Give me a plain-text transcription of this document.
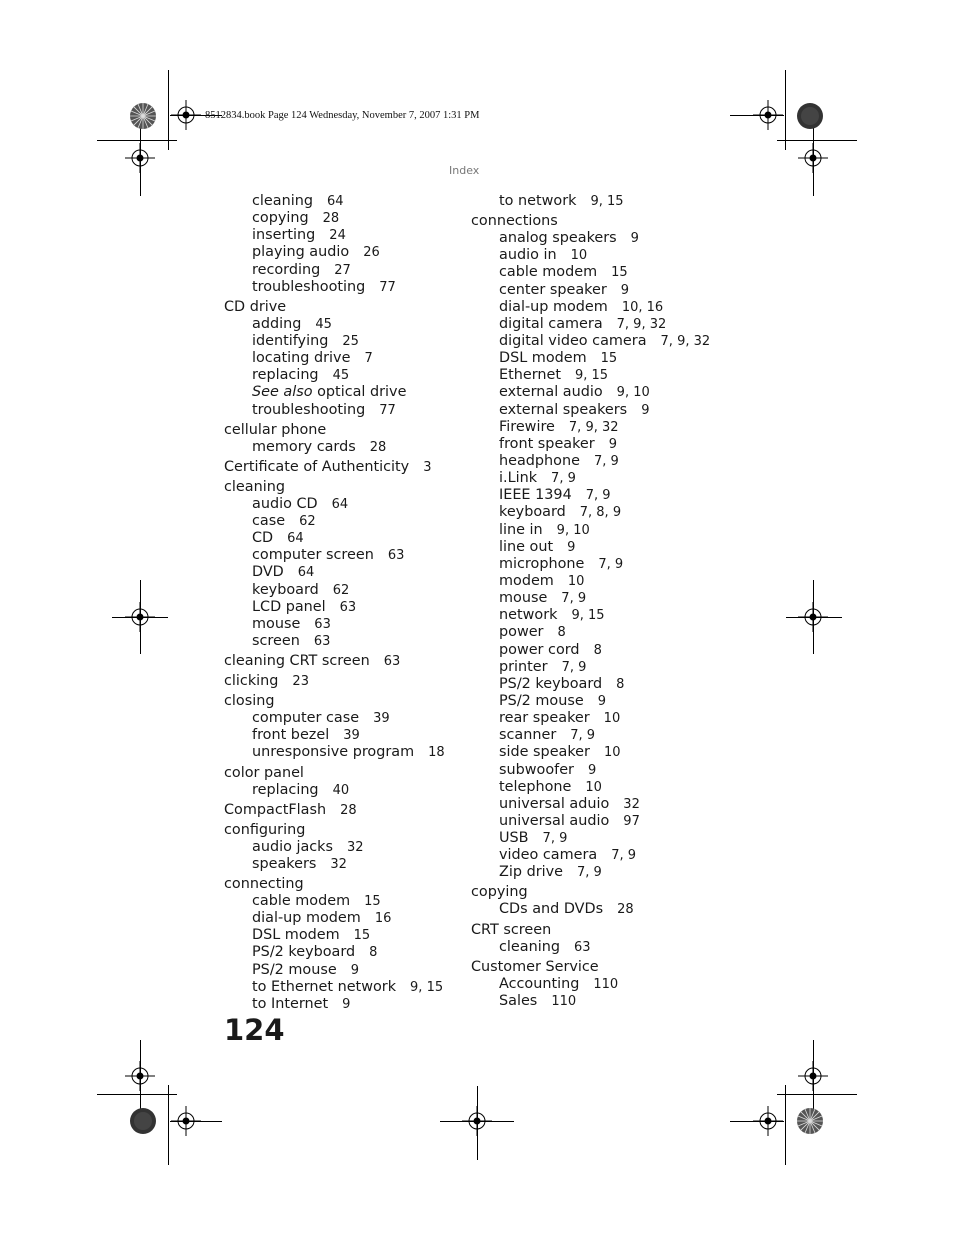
8512834.book Page 124 Wednesday, November 7, 2007 1:31 PM
Index
cleaning 64
copying 28
inserting 24
playing audio 26
recording 27
troubleshooting 77
CD drive
adding 45
identifying 25
locating drive 7
replacing 45
See also optical drive
troubleshooting 77
cellular phone
memory cards 28
Certificate of Authenticity 3
cleaning
audio CD 64
case 62
CD 64
computer screen 63
DVD 64
keyboard 62
LCD panel 63
mouse 63
screen 63
cleaning CRT screen 63
clicking 23
closing
computer case 39
front bezel 39
unresponsive program 18
color panel
replacing 40
CompactFlash 28
configuring
audio jacks 32
speakers 32
connecting
cable modem 15
dial-up modem 16
DSL modem 15
PS/2 keyboard 8
PS/2 mouse 9
to Ethernet network 9, 15
to Internet 9
to network 9, 15
connections
analog speakers 9
audio in 10
cable modem 15
center speaker 9
dial-up modem 10, 16
digital camera 7, 9, 32
digital video camera 7, 9, 32
DSL modem 15
Ethernet 9, 15
external audio 9, 10
external speakers 9
Firewire 7, 9, 32
front speaker 9
headphone 7, 9
i.Link 7, 9
IEEE 1394 7, 9
keyboard 7, 8, 9
line in 9, 10
line out 9
microphone 7, 9
modem 10
mouse 7, 9
network 9, 15
power 8
power cord 8
printer 7, 9
PS/2 keyboard 8
PS/2 mouse 9
rear speaker 10
scanner 7, 9
side speaker 10
subwoofer 9
telephone 10
universal aduio 32
universal audio 97
USB 7, 9
video camera 7, 9
Zip drive 7, 9
copying
CDs and DVDs 28
CRT screen
cleaning 63
Customer Service
Accounting 110
Sales 110
124
